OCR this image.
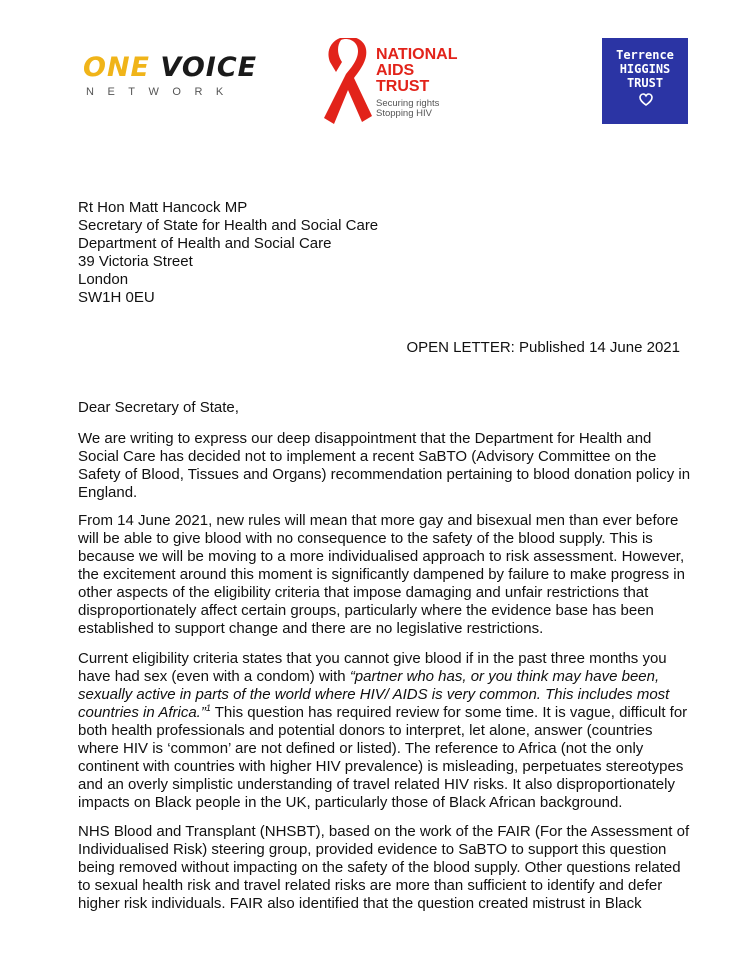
ONE VOICE
NETWORK
NATIONAL
AIDS
TRUST
Securing rights
Stopping HIV
Terrence
HIGGINS
TRUST
Rt Hon Matt Hancock MP
Secretary of State for Health and Social Care
Department of Health and Social Care
39 Victoria Street
London
SW1H 0EU
OPEN LETTER: Published 14 June 2021
Dear Secretary of State,
We are writing to express our deep disappointment that the Department for Health and
Social Care has decided not to implement a recent SaBTO (Advisory Committee on the
Safety of Blood, Tissues and Organs) recommendation pertaining to blood donation policy in
England.
From 14 June 2021, new rules will mean that more gay and bisexual men than ever before
will be able to give blood with no consequence to the safety of the blood supply. This is
because we will be moving to a more individualised approach to risk assessment. However,
the excitement around this moment is significantly dampened by failure to make progress in
other aspects of the eligibility criteria that impose damaging and unfair restrictions that
disproportionately affect certain groups, particularly where the evidence base has been
established to support change and there are no legislative restrictions.
Current eligibility criteria states that you cannot give blood if in the past three months you
have had sex (even with a condom) with “partner who has, or you think may have been,
sexually active in parts of the world where HIV/ AIDS is very common. This includes most
countries in Africa.”$^1$ This question has required review for some time. It is vague, difficult for
both health professionals and potential donors to interpret, let alone, answer (countries
where HIV is ‘common’ are not defined or listed). The reference to Africa (not the only
continent with countries with higher HIV prevalence) is misleading, perpetuates stereotypes
and an overly simplistic understanding of travel related HIV risks. It also disproportionately
impacts on Black people in the UK, particularly those of Black African background.
NHS Blood and Transplant (NHSBT), based on the work of the FAIR (For the Assessment of
Individualised Risk) steering group, provided evidence to SaBTO to support this question
being removed without impacting on the safety of the blood supply. Other questions related
to sexual health risk and travel related risks are more than sufficient to identify and defer
higher risk individuals. FAIR also identified that the question created mistrust in Black
